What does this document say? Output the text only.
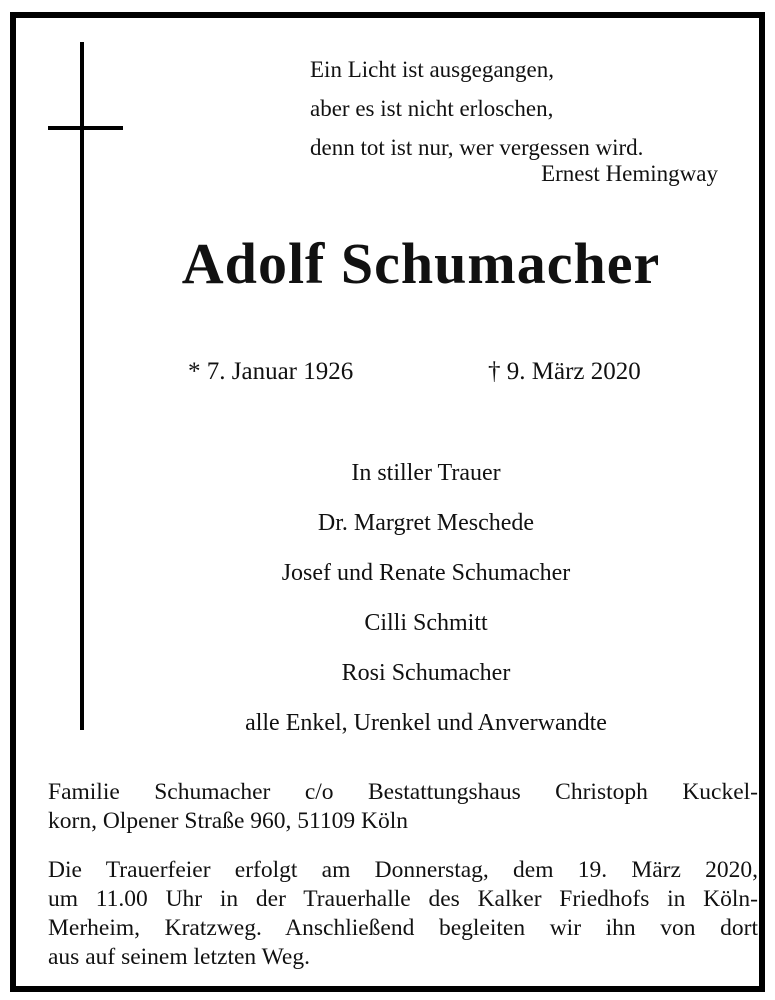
Ein Licht ist ausgegangen,
aber es ist nicht erloschen,
denn tot ist nur, wer vergessen wird.
Ernest Hemingway
Adolf Schumacher
* 7. Januar 1926	† 9. März 2020
In stiller Trauer
Dr. Margret Meschede
Josef und Renate Schumacher
Cilli Schmitt
Rosi Schumacher
alle Enkel, Urenkel und Anverwandte
Familie Schumacher c/o Bestattungshaus Christoph Kuckel-
korn, Olpener Straße 960, 51109 Köln
Die Trauerfeier erfolgt am Donnerstag, dem 19. März 2020,
um 11.00 Uhr in der Trauerhalle des Kalker Friedhofs in Köln-
Merheim, Kratzweg. Anschließend begleiten wir ihn von dort
aus auf seinem letzten Weg.
